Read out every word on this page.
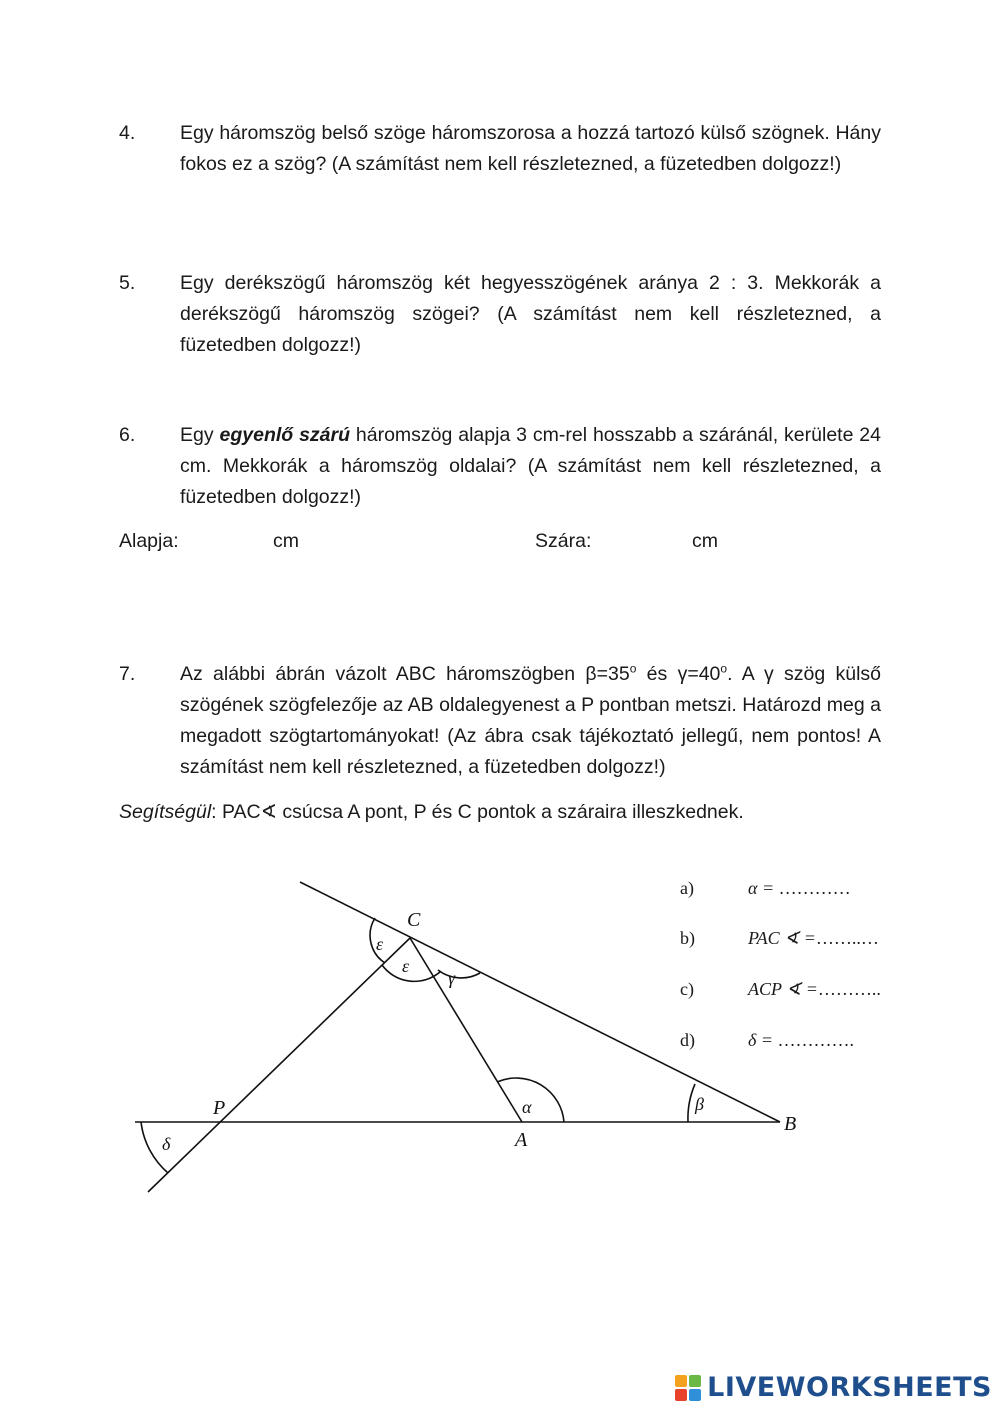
4. Egy háromszög belső szöge háromszorosa a hozzá tartozó külső szögnek. Hány fokos ez a szög? (A számítást nem kell részletezned, a füzetedben dolgozz!)
5. Egy derékszögű háromszög két hegyesszögének aránya 2 : 3. Mekkorák a derékszögű háromszög szögei? (A számítást nem kell részletezned, a füzetedben dolgozz!)
6. Egy egyenlő szárú háromszög alapja 3 cm-rel hosszabb a száránál, kerülete 24 cm. Mekkorák a háromszög oldalai? (A számítást nem kell részletezned, a füzetedben dolgozz!)
Alapja:	cm	Szára:	cm
7. Az alábbi ábrán vázolt ABC háromszögben $\beta=35^o$ és $\gamma=40^o$. A γ szög külső szögének szögfelezője az AB oldalegyenest a P pontban metszi. Határozd meg a megadott szögtartományokat! (Az ábra csak tájékoztató jellegű, nem pontos! A számítást nem kell részletezned, a füzetedben dolgozz!)
Segítségül: PAC∢ csúcsa A pont, P és C pontok a száraira illeszkednek.
C
P
A
B
ε
ε
γ
α	β
δ
a)	α = …………
b)	PAC ∢ =……..…
c)	ACP ∢ =………..
d)	δ = ………….
LIVEWORKSHEETS
